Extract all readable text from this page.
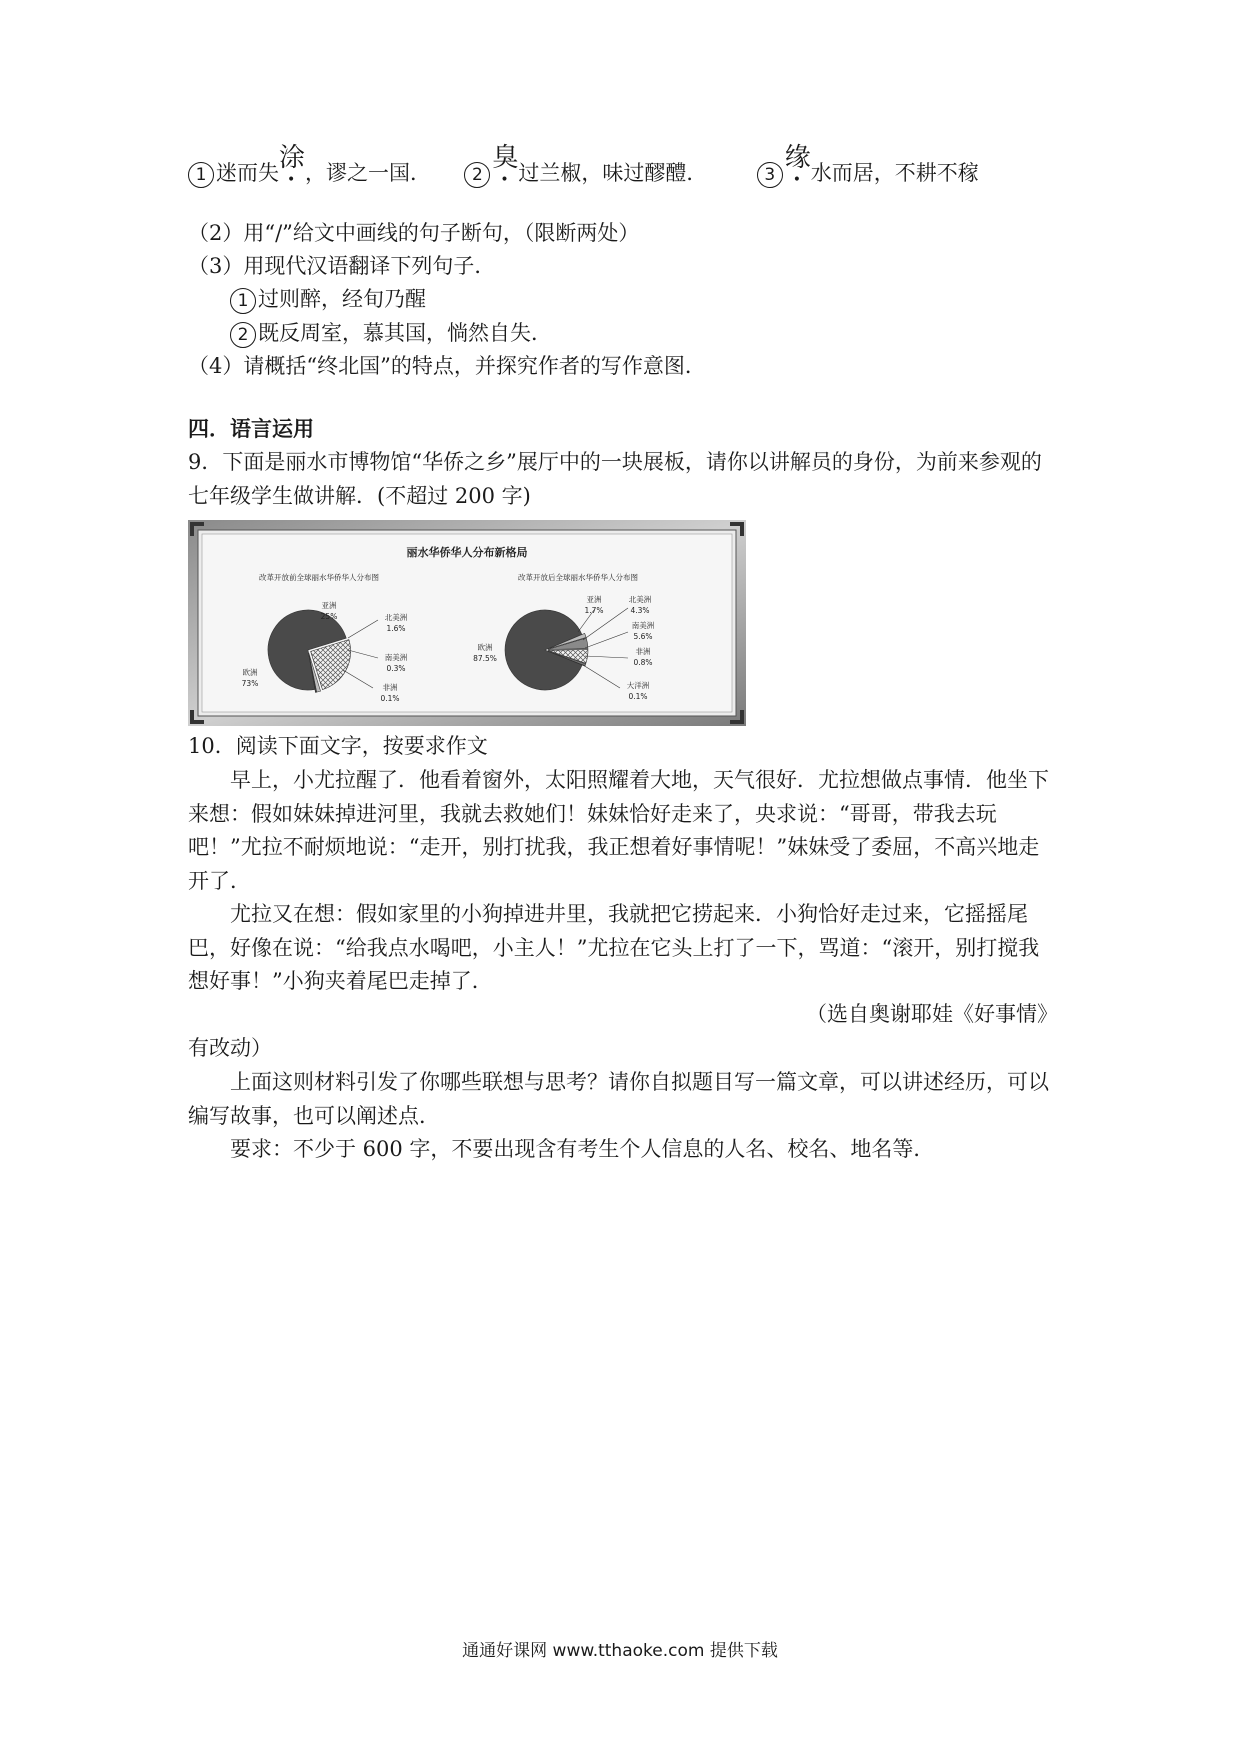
1 迷而失涂，谬之一国． 2臭过兰椒，味过醪醴．	3缘水而居，不耕不稼
（2）用“/”给文中画线的句子断句，（限断两处）
（3）用现代汉语翻译下列句子．
1 过则醉，经旬乃醒
2 既反周室，慕其国，惝然自失．
（4）请概括“终北国”的特点，并探究作者的写作意图．
四．语言运用
9．下面是丽水市博物馆“华侨之乡”展厅中的一块展板，请你以讲解员的身份，为前来参观的七年级学生做讲解．(不超过 200 字)
丽水华侨华人分布新格局
改革开放前全球丽水华侨华人分布图	改革开放后全球丽水华侨华人分布图
欧洲
73%
亚洲
25%	北美洲
1.6%
南美洲
0.3%
非洲
0.1%
欧洲
87.5%
亚洲
1.7%
北美洲
4.3%
南美洲
5.6%
非洲
0.8%
大洋洲
0.1%
10．阅读下面文字，按要求作文
早上，小尤拉醒了．他看着窗外，太阳照耀着大地，天气很好．尤拉想做点事情．他坐下来想：假如妹妹掉进河里，我就去救她们！妹妹恰好走来了，央求说：“哥哥，带我去玩吧！”尤拉不耐烦地说：“走开，别打扰我，我正想着好事情呢！”妹妹受了委屈，不高兴地走开了．
尤拉又在想：假如家里的小狗掉进井里，我就把它捞起来．小狗恰好走过来，它摇摇尾巴，好像在说：“给我点水喝吧，小主人！”尤拉在它头上打了一下，骂道：“滚开，别打搅我想好事！”小狗夹着尾巴走掉了．
（选自奥谢耶娃《好事情》
有改动）
上面这则材料引发了你哪些联想与思考？请你自拟题目写一篇文章，可以讲述经历，可以编写故事，也可以阐述点．
要求：不少于 600 字，不要出现含有考生个人信息的人名、校名、地名等．
通通好课网 www.tthaoke.com 提供下载
